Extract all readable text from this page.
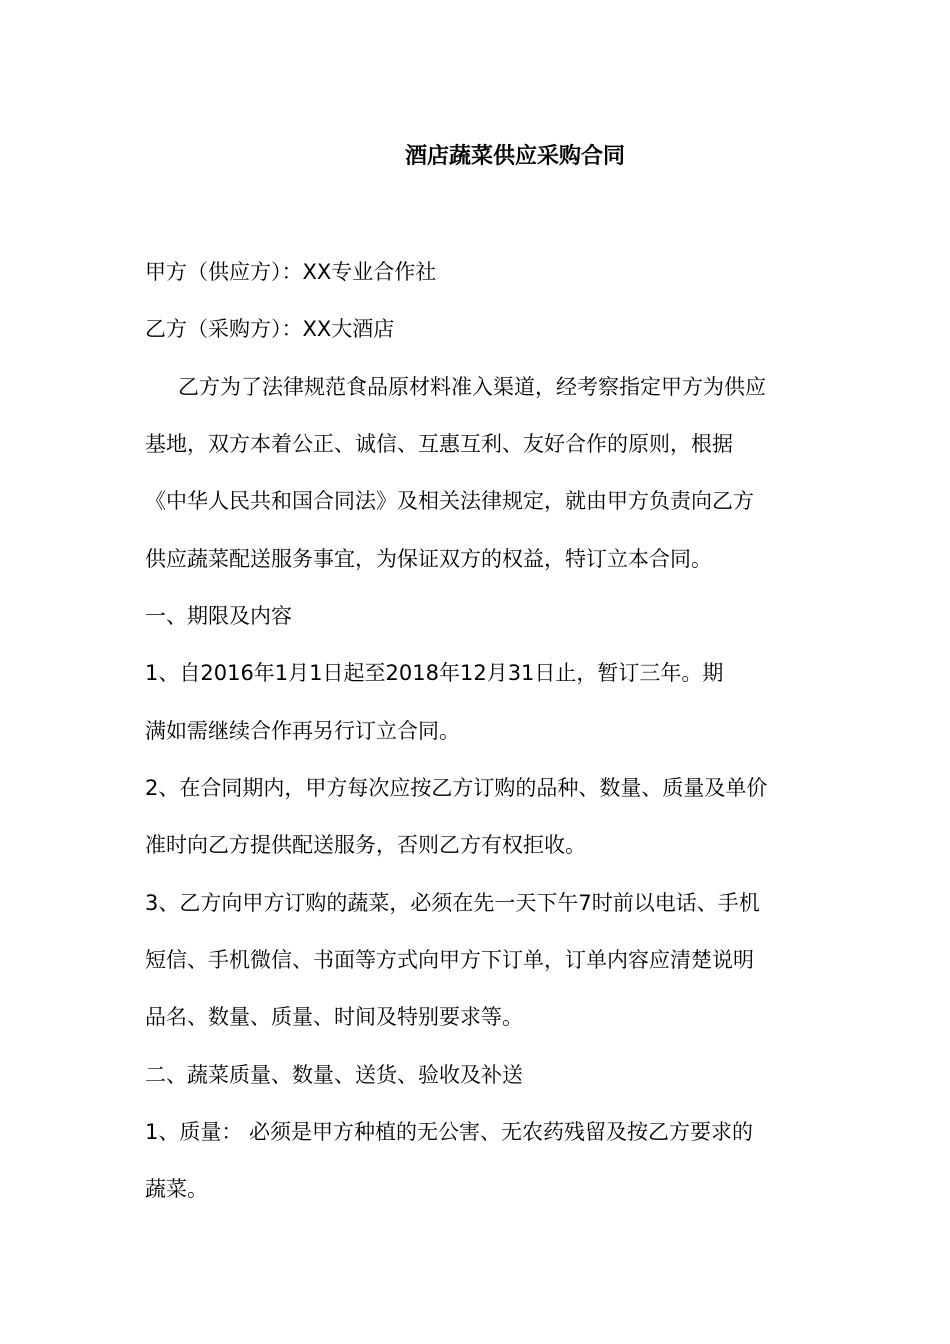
酒店蔬菜供应采购合同

甲方（供应方）：XX专业合作社

乙方（采购方）：XX大酒店

乙方为了法律规范食品原材料准入渠道，经考察指定甲方为供应

基地，双方本着公正、诚信、互惠互利、友好合作的原则，根据

《中华人民共和国合同法》及相关法律规定，就由甲方负责向乙方

供应蔬菜配送服务事宜，为保证双方的权益，特订立本合同。

一、期限及内容

1、自2016年1月1日起至2018年12月31日止，暂订三年。期

满如需继续合作再另行订立合同。

2、在合同期内，甲方每次应按乙方订购的品种、数量、质量及单价

准时向乙方提供配送服务，否则乙方有权拒收。

3、乙方向甲方订购的蔬菜，必须在先一天下午7时前以电话、手机

短信、手机微信、书面等方式向甲方下订单，订单内容应清楚说明

品名、数量、质量、时间及特别要求等。

二、蔬菜质量、数量、送货、验收及补送

1、质量： 必须是甲方种植的无公害、无农药残留及按乙方要求的

蔬菜。
